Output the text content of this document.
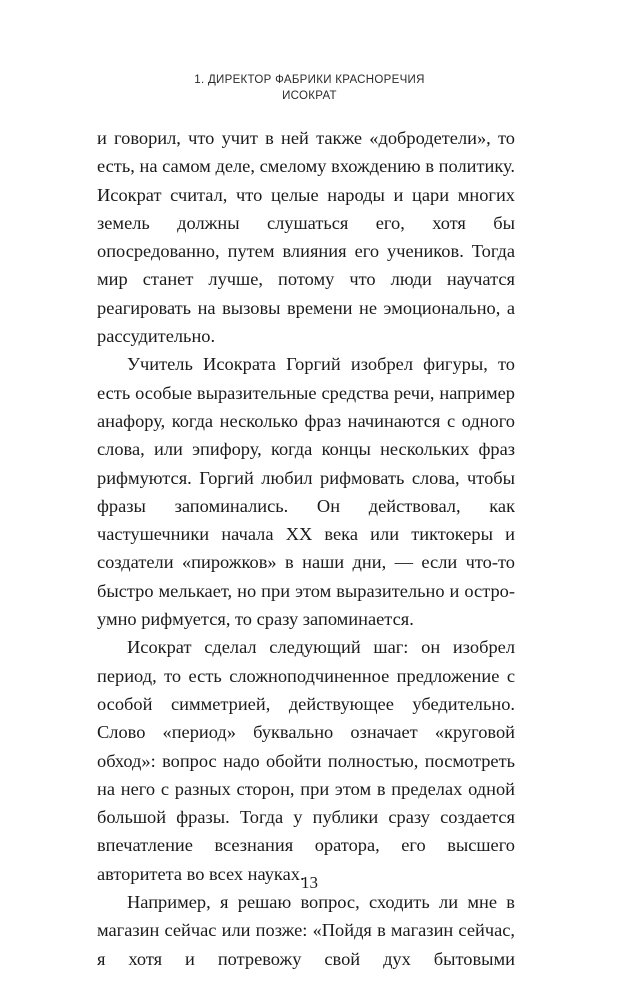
1. ДИРЕКТОР ФАБРИКИ КРАСНОРЕЧИЯ
ИСОКРАТ

и говорил, что учит в ней также «добродетели», то есть, на самом деле, смелому вхождению в политику. Исократ считал, что целые народы и цари многих земель должны слушаться его, хотя бы опосредованно, путем влияния его учеников. Тогда мир станет лучше, потому что люди научатся реагировать на вызовы времени не эмоционально, а рассудительно.

Учитель Исократа Горгий изобрел фигуры, то есть особые выразительные средства речи, например анафору, когда несколько фраз начинаются с одного слова, или эпифору, когда концы нескольких фраз рифмуются. Горгий любил рифмовать слова, чтобы фразы запоминались. Он действовал, как частушечники начала XX века или тиктокеры и создатели «пирожков» в наши дни, — если что-то быстро мелькает, но при этом выразительно и остроумно рифмуется, то сразу запоминается.

Исократ сделал следующий шаг: он изобрел период, то есть сложноподчиненное предложение с особой симметрией, действующее убедительно. Слово «период» буквально означает «круговой обход»: вопрос надо обойти полностью, посмотреть на него с разных сторон, при этом в пределах одной большой фразы. Тогда у публики сразу создается впечатление всезнания оратора, его высшего авторитета во всех науках.

Например, я решаю вопрос, сходить ли мне в магазин сейчас или позже: «Пойдя в магазин сейчас, я хотя и потревожу свой дух бытовыми

13
